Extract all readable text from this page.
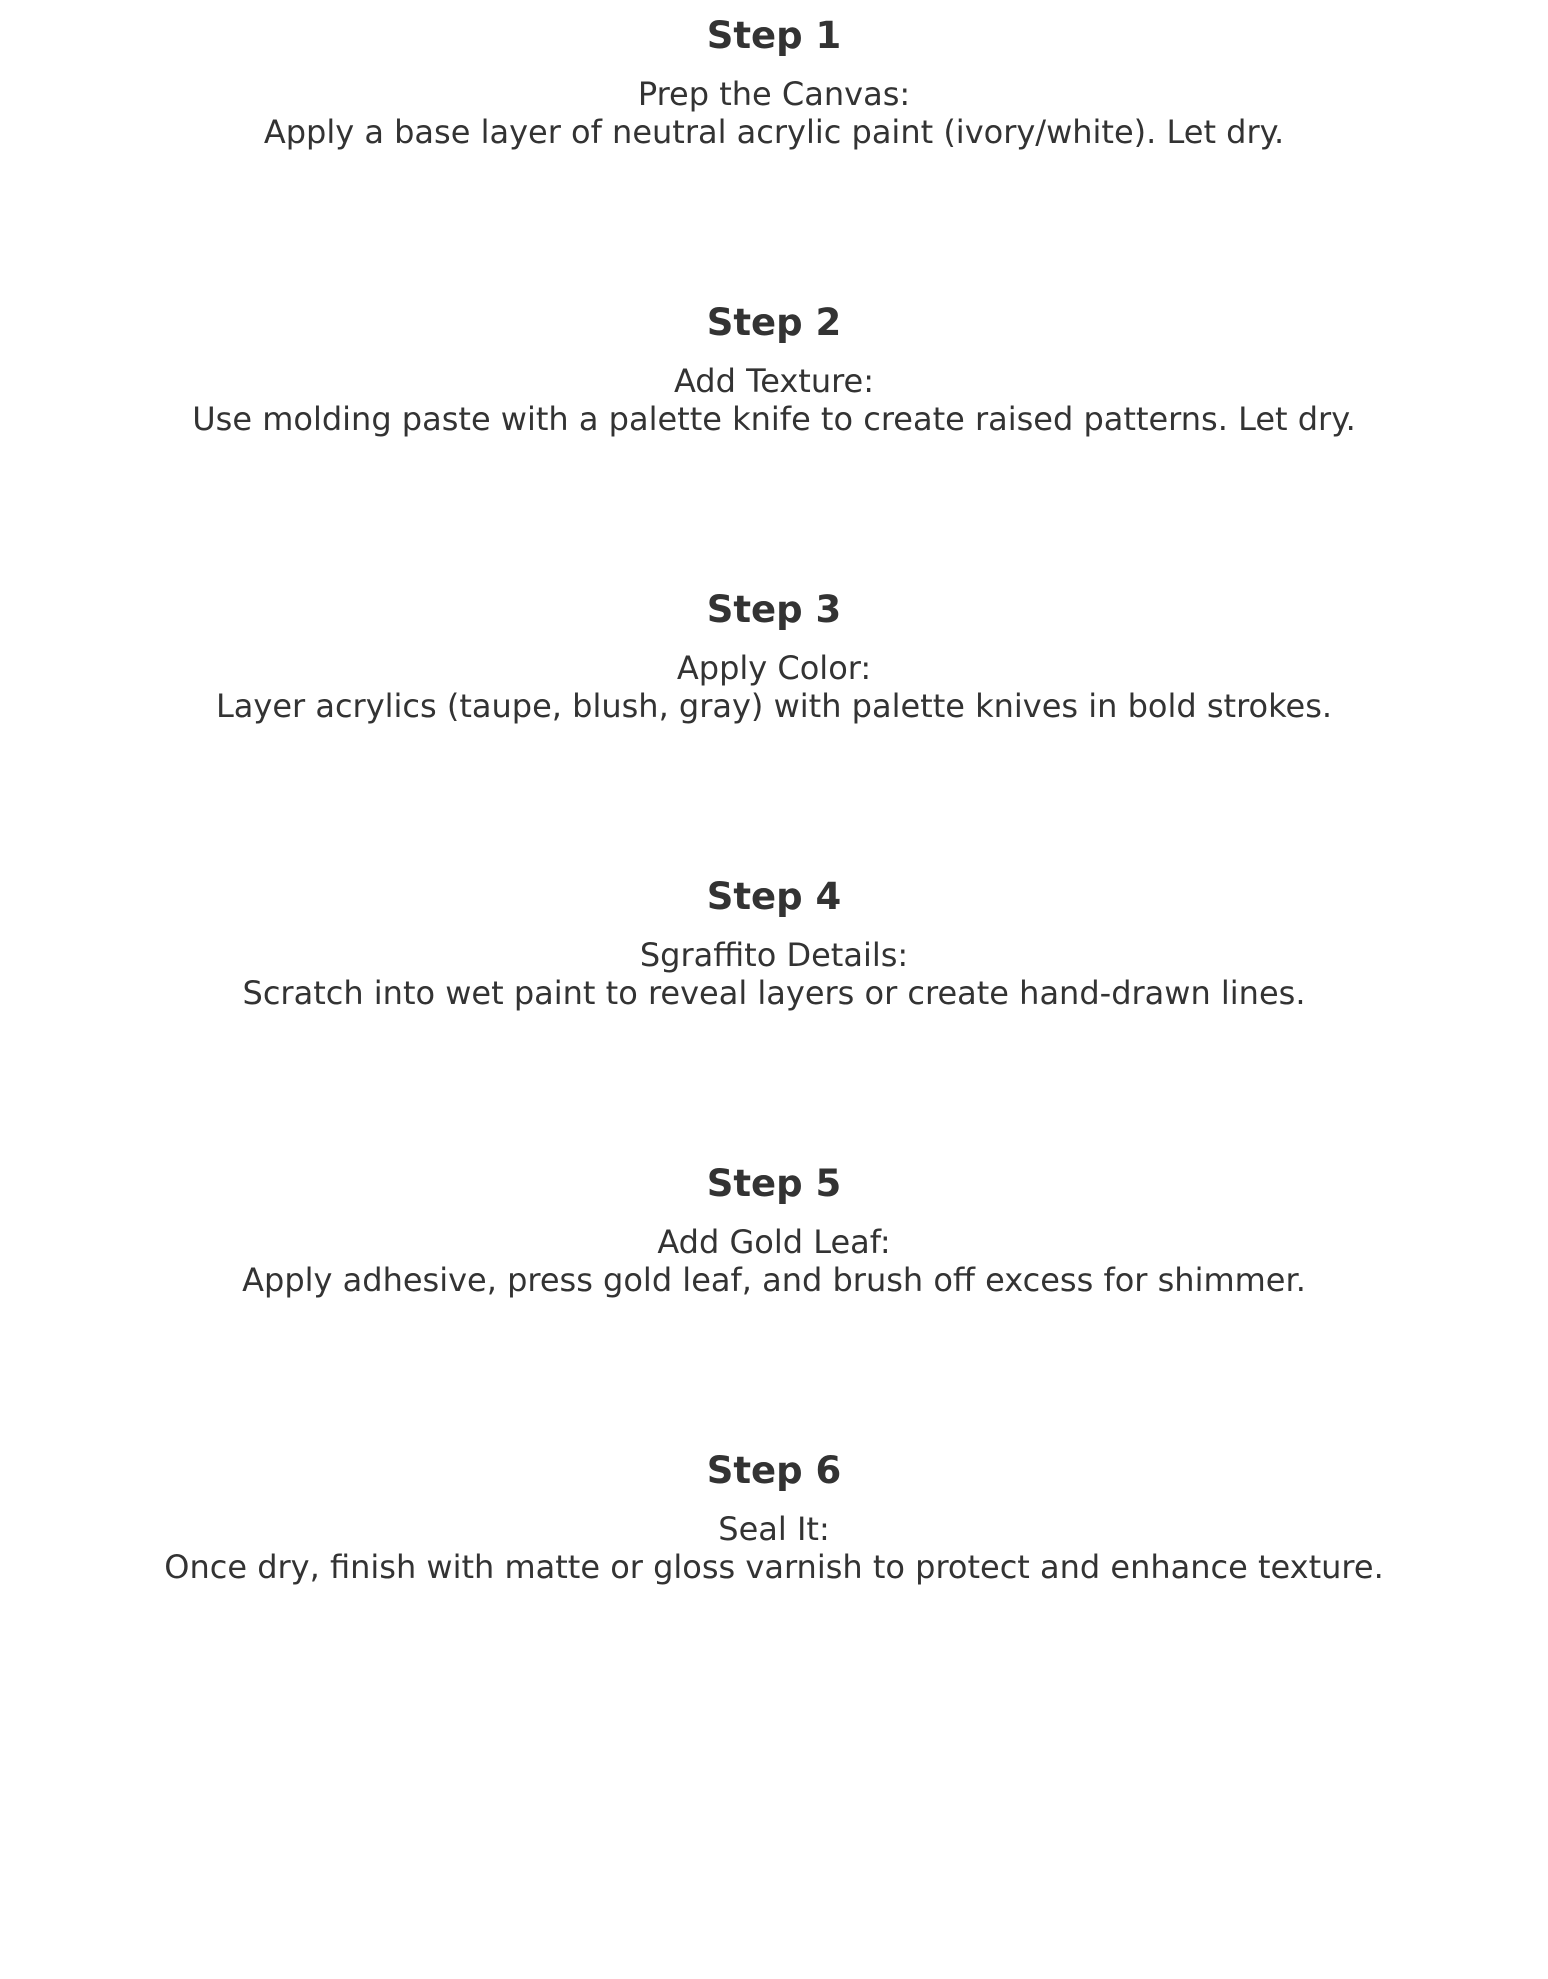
Step 1
Prep the Canvas:
Apply a base layer of neutral acrylic paint (ivory/white). Let dry.
Step 2
Add Texture:
Use molding paste with a palette knife to create raised patterns. Let dry.
Step 3
Apply Color:
Layer acrylics (taupe, blush, gray) with palette knives in bold strokes.
Step 4
Sgraffito Details:
Scratch into wet paint to reveal layers or create hand-drawn lines.
Step 5
Add Gold Leaf:
Apply adhesive, press gold leaf, and brush off excess for shimmer.
Step 6
Seal It:
Once dry, finish with matte or gloss varnish to protect and enhance texture.
